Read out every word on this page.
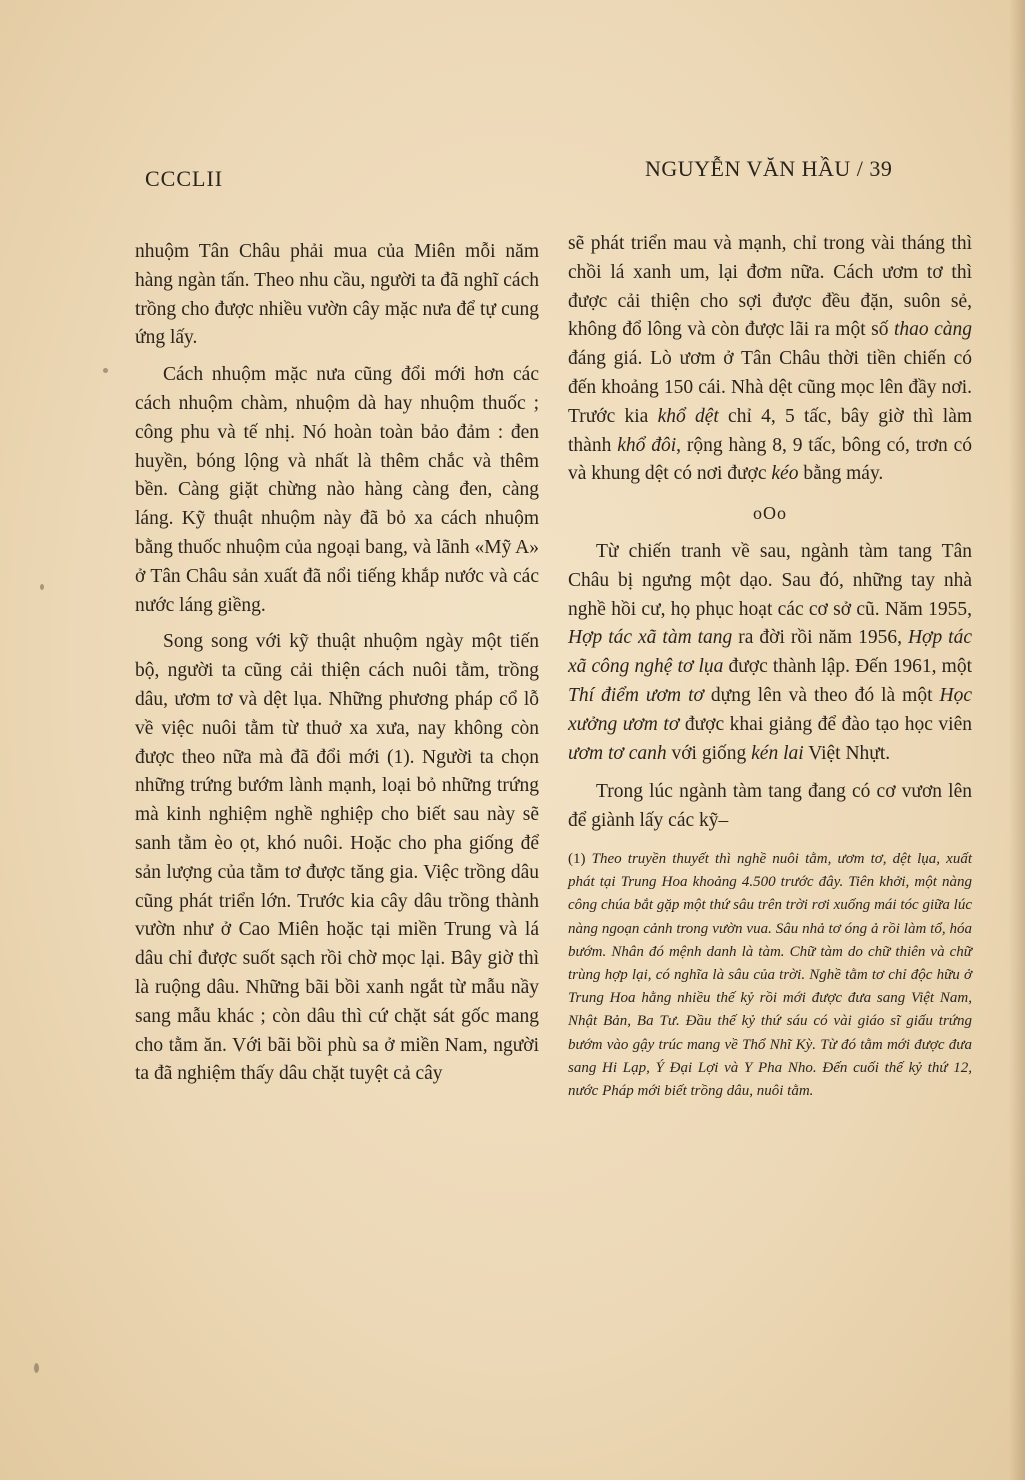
CCCLII	NGUYỄN VĂN HẦU / 39

nhuộm Tân Châu phải mua của Miên mỗi năm hàng ngàn tấn. Theo nhu cầu, người ta đã nghĩ cách trồng cho được nhiều vườn cây mặc nưa để tự cung ứng lấy.

Cách nhuộm mặc nưa cũng đổi mới hơn các cách nhuộm chàm, nhuộm dà hay nhuộm thuốc ; công phu và tế nhị. Nó hoàn toàn bảo đảm : đen huyền, bóng lộng và nhất là thêm chắc và thêm bền. Càng giặt chừng nào hàng càng đen, càng láng. Kỹ thuật nhuộm này đã bỏ xa cách nhuộm bằng thuốc nhuộm của ngoại bang, và lãnh «Mỹ A» ở Tân Châu sản xuất đã nổi tiếng khắp nước và các nước láng giềng.

Song song với kỹ thuật nhuộm ngày một tiến bộ, người ta cũng cải thiện cách nuôi tằm, trồng dâu, ươm tơ và dệt lụa. Những phương pháp cổ lỗ về việc nuôi tằm từ thuở xa xưa, nay không còn được theo nữa mà đã đổi mới (1). Người ta chọn những trứng bướm lành mạnh, loại bỏ những trứng mà kinh nghiệm nghề nghiệp cho biết sau này sẽ sanh tằm èo ọt, khó nuôi. Hoặc cho pha giống để sản lượng của tằm tơ được tăng gia. Việc trồng dâu cũng phát triển lớn. Trước kia cây dâu trồng thành vườn như ở Cao Miên hoặc tại miền Trung và lá dâu chỉ được suốt sạch rồi chờ mọc lại. Bây giờ thì là ruộng dâu. Những bãi bồi xanh ngắt từ mẫu nầy sang mẫu khác ; còn dâu thì cứ chặt sát gốc mang cho tằm ăn. Với bãi bồi phù sa ở miền Nam, người ta đã nghiệm thấy dâu chặt tuyệt cả cây

sẽ phát triển mau và mạnh, chỉ trong vài tháng thì chồi lá xanh um, lại đơm nữa. Cách ươm tơ thì được cải thiện cho sợi được đều đặn, suôn sẻ, không đổ lông và còn được lãi ra một số thao càng đáng giá. Lò ươm ở Tân Châu thời tiền chiến có đến khoảng 150 cái. Nhà dệt cũng mọc lên đầy nơi. Trước kia khổ dệt chỉ 4, 5 tấc, bây giờ thì làm thành khổ đôi, rộng hàng 8, 9 tấc, bông có, trơn có và khung dệt có nơi được kéo bằng máy.

oOo

Từ chiến tranh về sau, ngành tàm tang Tân Châu bị ngưng một dạo. Sau đó, những tay nhà nghề hồi cư, họ phục hoạt các cơ sở cũ. Năm 1955, Hợp tác xã tàm tang ra đời rồi năm 1956, Hợp tác xã công nghệ tơ lụa được thành lập. Đến 1961, một Thí điểm ươm tơ dựng lên và theo đó là một Học xưởng ươm tơ được khai giảng để đào tạo học viên ươm tơ canh với giống kén lai Việt Nhựt.

Trong lúc ngành tàm tang đang có cơ vươn lên để giành lấy các kỹ–

(1) Theo truyền thuyết thì nghề nuôi tằm, ươm tơ, dệt lụa, xuất phát tại Trung Hoa khoảng 4.500 trước đây. Tiên khởi, một nàng công chúa bắt gặp một thứ sâu trên trời rơi xuống mái tóc giữa lúc nàng ngoạn cảnh trong vườn vua. Sâu nhả tơ óng ả rồi làm tổ, hóa bướm. Nhân đó mệnh danh là tàm. Chữ tàm do chữ thiên và chữ trùng hợp lại, có nghĩa là sâu của trời. Nghề tằm tơ chỉ độc hữu ở Trung Hoa hằng nhiều thế kỷ rồi mới được đưa sang Việt Nam, Nhật Bản, Ba Tư. Đầu thế kỷ thứ sáu có vài giáo sĩ giấu trứng bướm vào gậy trúc mang về Thổ Nhĩ Kỳ. Từ đó tằm mới được đưa sang Hi Lạp, Ý Đại Lợi và Y Pha Nho. Đến cuối thế kỷ thứ 12, nước Pháp mới biết trồng dâu, nuôi tằm.
